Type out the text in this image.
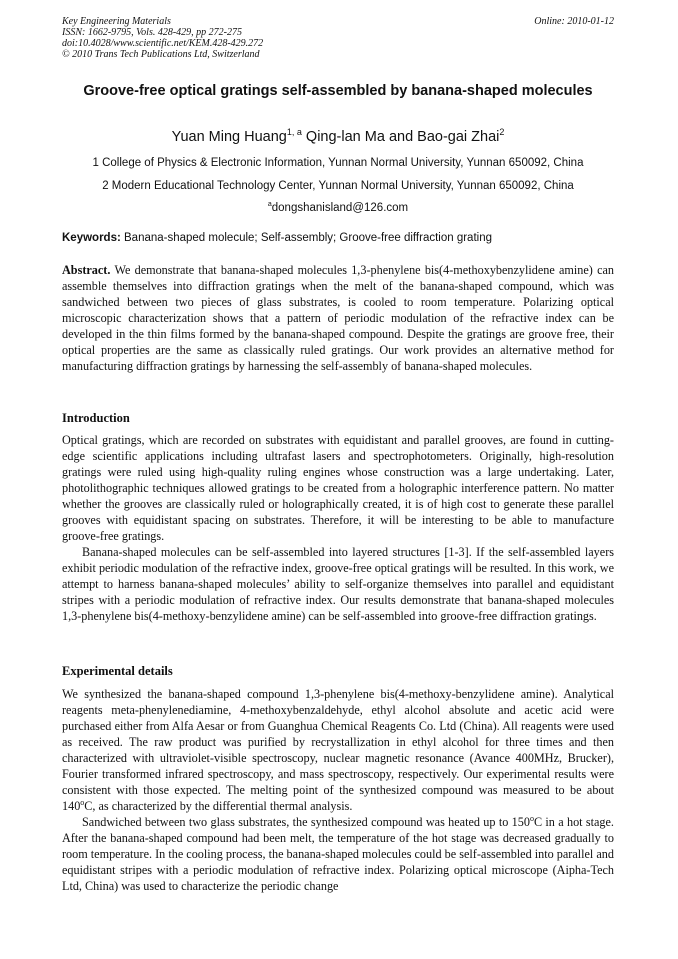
Key Engineering Materials
ISSN: 1662-9795, Vols. 428-429, pp 272-275
doi:10.4028/www.scientific.net/KEM.428-429.272
© 2010 Trans Tech Publications Ltd, Switzerland
Online: 2010-01-12
Groove-free optical gratings self-assembled by banana-shaped molecules
Yuan Ming Huang$^{1, a}$ Qing-lan Ma and Bao-gai Zhai$^2$
1 College of Physics & Electronic Information, Yunnan Normal University, Yunnan 650092, China
2 Modern Educational Technology Center, Yunnan Normal University, Yunnan 650092, China
$^a$dongshanisland@126.com
Keywords: Banana-shaped molecule; Self-assembly; Groove-free diffraction grating

Abstract. We demonstrate that banana-shaped molecules 1,3-phenylene bis(4-methoxybenzylidene amine) can assemble themselves into diffraction gratings when the melt of the banana-shaped compound, which was sandwiched between two pieces of glass substrates, is cooled to room temperature. Polarizing optical microscopic characterization shows that a pattern of periodic modulation of the refractive index can be developed in the thin films formed by the banana-shaped compound. Despite the gratings are groove free, their optical properties are the same as classically ruled gratings. Our work provides an alternative method for manufacturing diffraction gratings by harnessing the self-assembly of banana-shaped molecules.

Introduction

Optical gratings, which are recorded on substrates with equidistant and parallel grooves, are found in cutting-edge scientific applications including ultrafast lasers and spectrophotometers. Originally, high-resolution gratings were ruled using high-quality ruling engines whose construction was a large undertaking. Later, photolithographic techniques allowed gratings to be created from a holographic interference pattern. No matter whether the grooves are classically ruled or holographically created, it is of high cost to generate these parallel grooves with equidistant spacing on substrates. Therefore, it will be interesting to be able to manufacture groove-free gratings.

Banana-shaped molecules can be self-assembled into layered structures [1-3]. If the self-assembled layers exhibit periodic modulation of the refractive index, groove-free optical gratings will be resulted. In this work, we attempt to harness banana-shaped molecules’ ability to self-organize themselves into parallel and equidistant stripes with a periodic modulation of refractive index. Our results demonstrate that banana-shaped molecules 1,3-phenylene bis(4-methoxy-benzylidene amine) can be self-assembled into groove-free diffraction gratings.

Experimental details

We synthesized the banana-shaped compound 1,3-phenylene bis(4-methoxy-benzylidene amine). Analytical reagents meta-phenylenediamine, 4-methoxybenzaldehyde, ethyl alcohol absolute and acetic acid were purchased either from Alfa Aesar or from Guanghua Chemical Reagents Co. Ltd (China). All reagents were used as received. The raw product was purified by recrystallization in ethyl alcohol for three times and then characterized with ultraviolet-visible spectroscopy, nuclear magnetic resonance (Avance 400MHz, Brucker), Fourier transformed infrared spectroscopy, and mass spectroscopy, respectively. Our experimental results were consistent with those expected. The melting point of the synthesized compound was measured to be about 140$^o$C, as characterized by the differential thermal analysis.

Sandwiched between two glass substrates, the synthesized compound was heated up to 150$^o$C in a hot stage. After the banana-shaped compound had been melt, the temperature of the hot stage was decreased gradually to room temperature. In the cooling process, the banana-shaped molecules could be self-assembled into parallel and equidistant stripes with a periodic modulation of refractive index. Polarizing optical microscope (Aipha-Tech Ltd, China) was used to characterize the periodic change
